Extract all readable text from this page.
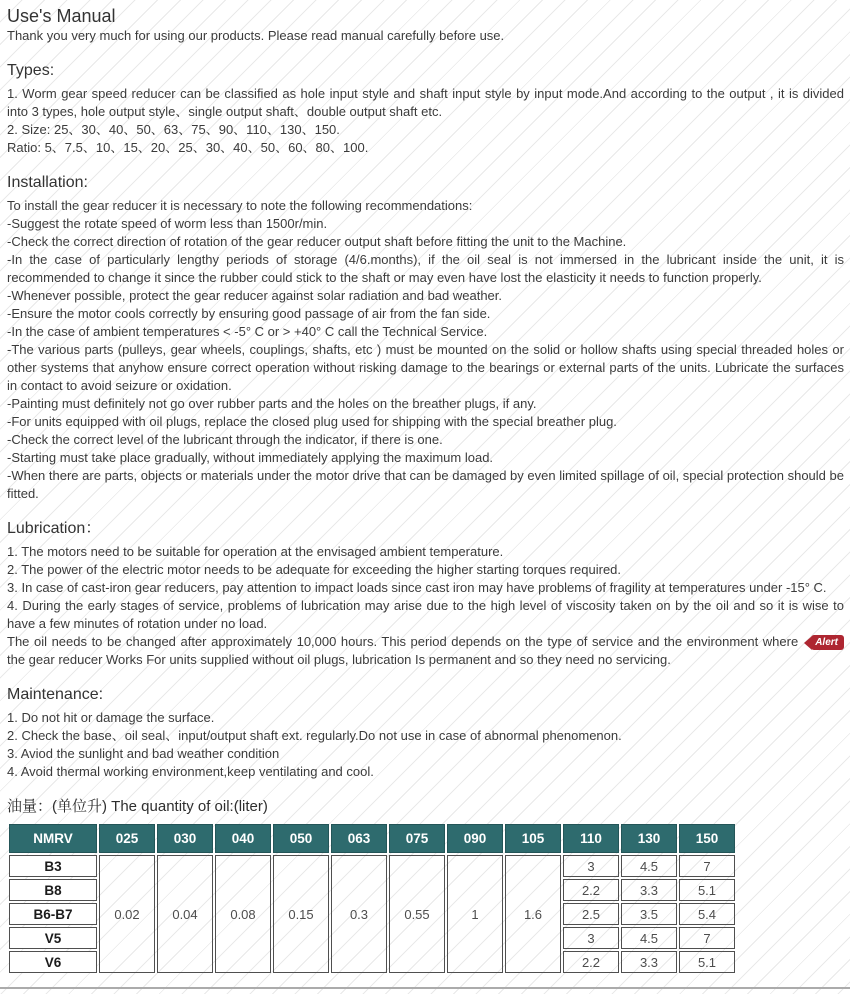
Use's Manual

Thank you very much for using our products. Please read manual carefully before use.

Types:

1. Worm gear speed reducer can be classified as hole input style and shaft input style by input mode.And according to the output , it is divided into 3 types, hole output style、single output shaft、double output shaft etc.

2. Size: 25、30、40、50、63、75、90、110、130、150.

Ratio: 5、7.5、10、15、20、25、30、40、50、60、80、100.

Installation:

To install the gear reducer it is necessary to note the following recommendations:

-Suggest the rotate speed of worm less than 1500r/min.

-Check the correct direction of rotation of the gear reducer output shaft before fitting the unit to the Machine.

-In the case of particularly lengthy periods of storage (4/6.months), if the oil seal is not immersed in the lubricant inside the unit, it is recommended to change it since the rubber could stick to the shaft or may even have lost the elasticity it needs to function properly.

-Whenever possible, protect the gear reducer against solar radiation and bad weather.

-Ensure the motor cools correctly by ensuring good passage of air from the fan side.

-In the case of ambient temperatures < -5° C or > +40° C call the Technical Service.

-The various parts (pulleys, gear wheels, couplings, shafts, etc ) must be mounted on the solid or hollow shafts using special threaded holes or other systems that anyhow ensure correct operation without risking damage to the bearings or external parts of the units. Lubricate the surfaces in contact to avoid seizure or oxidation.

-Painting must definitely not go over rubber parts and the holes on the breather plugs, if any.

-For units equipped with oil plugs, replace the closed plug used for shipping with the special breather plug.

-Check the correct level of the lubricant through the indicator, if there is one.

-Starting must take place gradually, without immediately applying the maximum load.

-When there are parts, objects or materials under the motor drive that can be damaged by even limited spillage of oil, special protection should be fitted.

Lubrication：

1. The motors need to be suitable for operation at the envisaged ambient temperature.

2. The power of the electric motor needs to be adequate for exceeding the higher starting torques required.

3. In case of cast-iron gear reducers, pay attention to impact loads since cast iron may have problems of fragility at temperatures under -15° C.

4. During the early stages of service, problems of lubrication may arise due to the high level of viscosity taken on by the oil and so it is wise to have a few minutes of rotation under no load.

Alert
The oil needs to be changed after approximately 10,000 hours. This period depends on the type of service and the environment where the gear reducer Works For units supplied without oil plugs, lubrication Is permanent and so they need no servicing.

Maintenance:

1. Do not hit or damage the surface.

2. Check the base、oil seal、input/output shaft ext. regularly.Do not use in case of abnormal phenomenon.

3. Aviod the sunlight and bad weather condition

4. Avoid thermal working environment,keep ventilating and cool.

油量：(单位升) The quantity of oil:(liter)

NMRV	025	030	040	050	063	075	090	105	110	130	150
B3	0.02	0.04	0.08	0.15	0.3	0.55	1	1.6	3	4.5	7
B8									2.2	3.3	5.1
B6-B7									2.5	3.5	5.4
V5									3	4.5	7
V6									2.2	3.3	5.1
